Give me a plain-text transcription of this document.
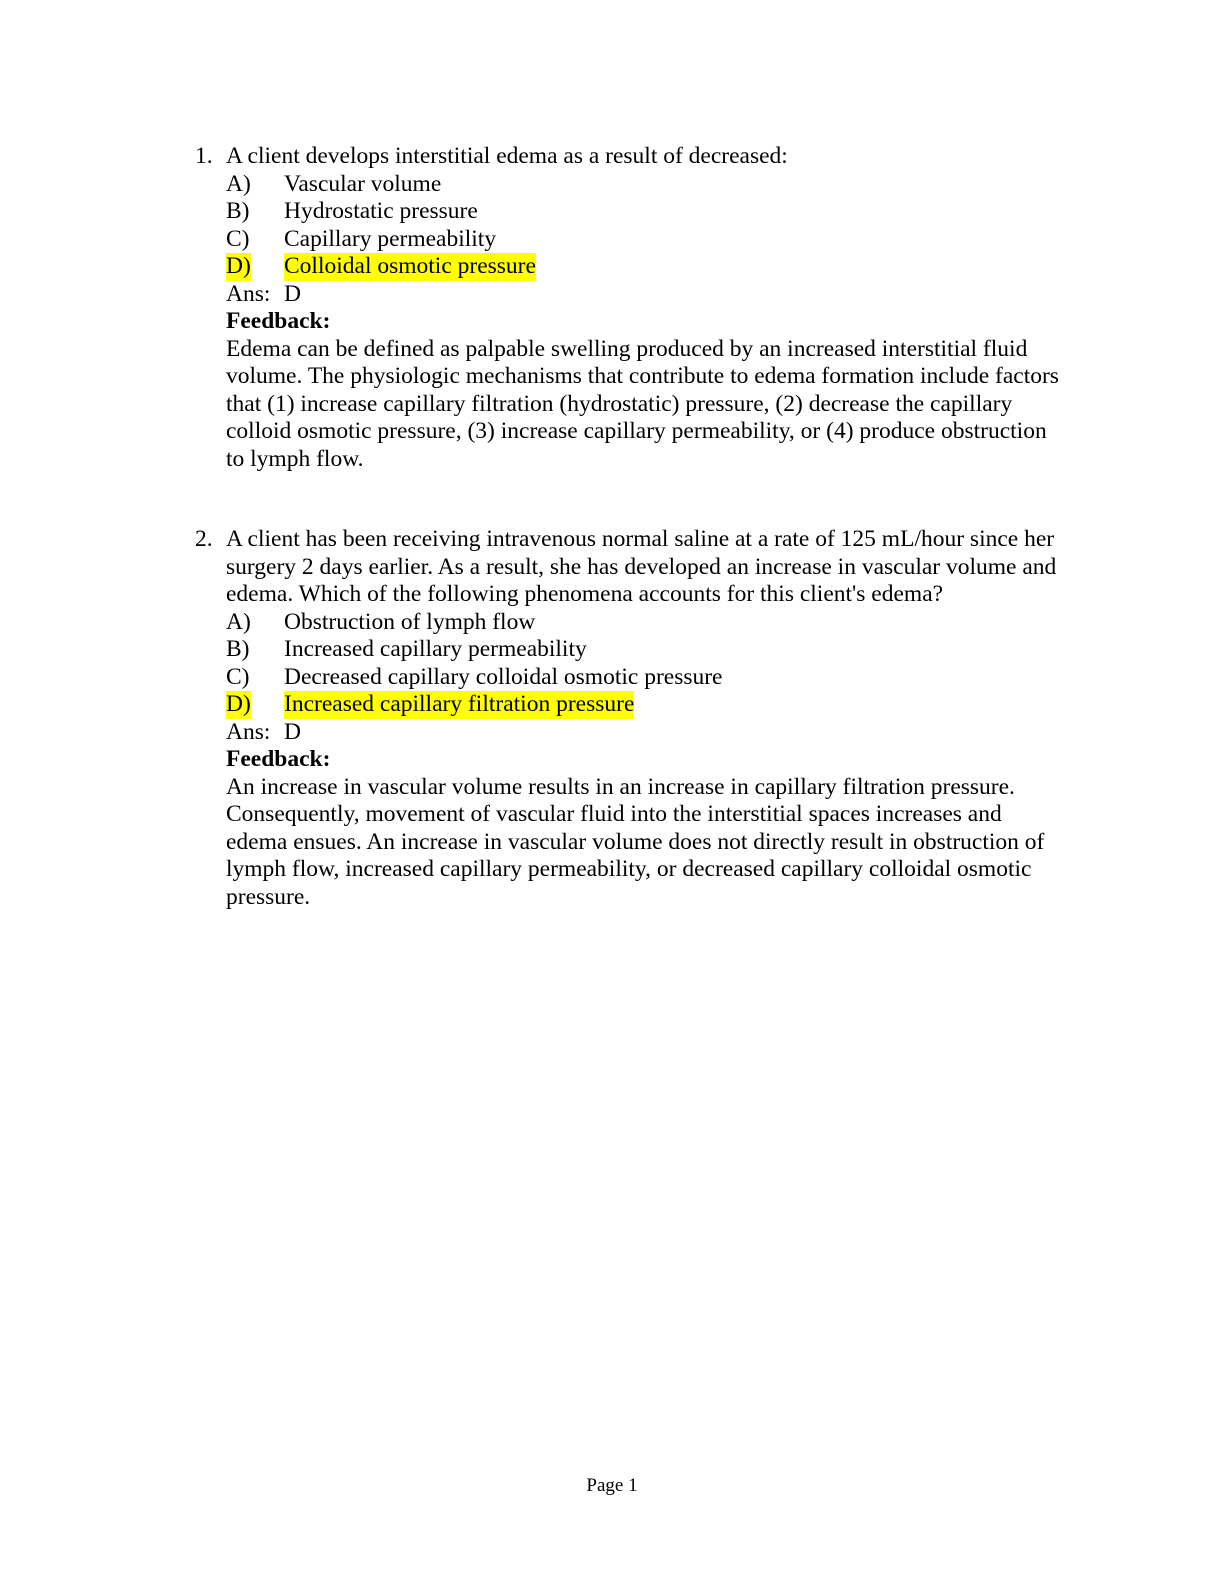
1. A client develops interstitial edema as a result of decreased:
A) Vascular volume
B) Hydrostatic pressure
C) Capillary permeability
D) Colloidal osmotic pressure
Ans: D
Feedback:
Edema can be defined as palpable swelling produced by an increased interstitial fluid
volume. The physiologic mechanisms that contribute to edema formation include factors
that (1) increase capillary filtration (hydrostatic) pressure, (2) decrease the capillary
colloid osmotic pressure, (3) increase capillary permeability, or (4) produce obstruction
to lymph flow.
2. A client has been receiving intravenous normal saline at a rate of 125 mL/hour since her
surgery 2 days earlier. As a result, she has developed an increase in vascular volume and
edema. Which of the following phenomena accounts for this client's edema?
A) Obstruction of lymph flow
B) Increased capillary permeability
C) Decreased capillary colloidal osmotic pressure
D) Increased capillary filtration pressure
Ans: D
Feedback:
An increase in vascular volume results in an increase in capillary filtration pressure.
Consequently, movement of vascular fluid into the interstitial spaces increases and
edema ensues. An increase in vascular volume does not directly result in obstruction of
lymph flow, increased capillary permeability, or decreased capillary colloidal osmotic
pressure.
Page 1
